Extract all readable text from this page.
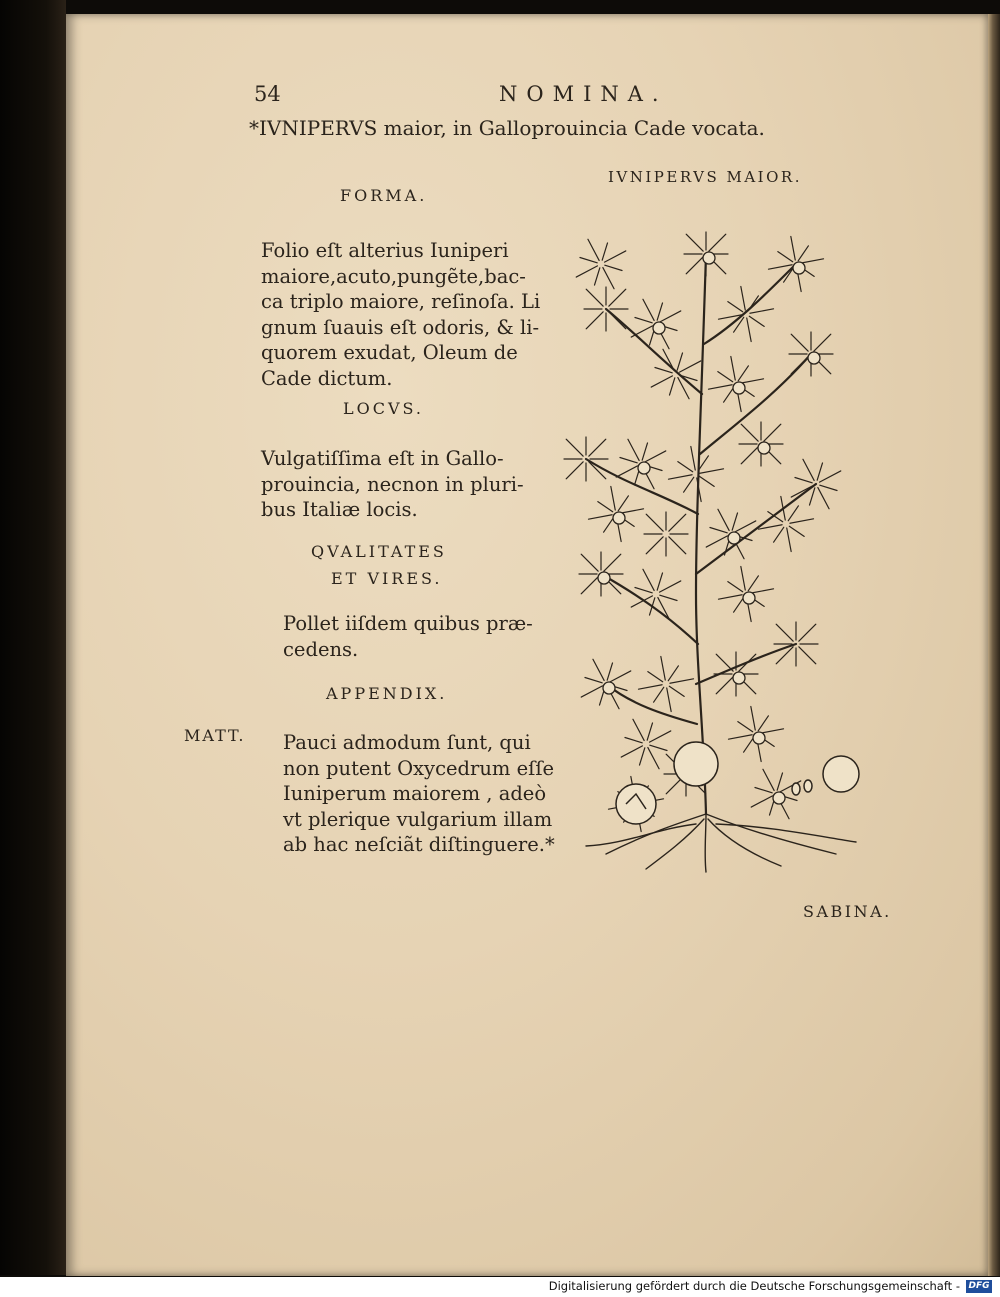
54	NOMINA.
*IVNIPERVS maior, in Galloprouincia Cade vocata.
IVNIPERVS MAIOR.
FORMA.
Folio eſt alterius Iuniperi
maiore,acuto,pungẽte,bac-
ca triplo maiore, reſinoſa. Li
gnum ſuauis eſt odoris, & li-
quorem exudat, Oleum de
Cade dictum.
LOCVS.
Vulgatiſſima eſt in Gallo-
prouincia, necnon in pluri-
bus Italiæ locis.
QVALITATES
ET VIRES.
Pollet iiſdem quibus præ-
cedens.
APPENDIX.
MATT. Pauci admodum ſunt, qui
non putent Oxycedrum eſſe
Iuniperum maiorem , adeò
vt plerique vulgarium illam
ab hac neſciãt diſtinguere.*
SABINA.
Digitalisierung gefördert durch die Deutsche Forschungsgemeinschaft - DFG
